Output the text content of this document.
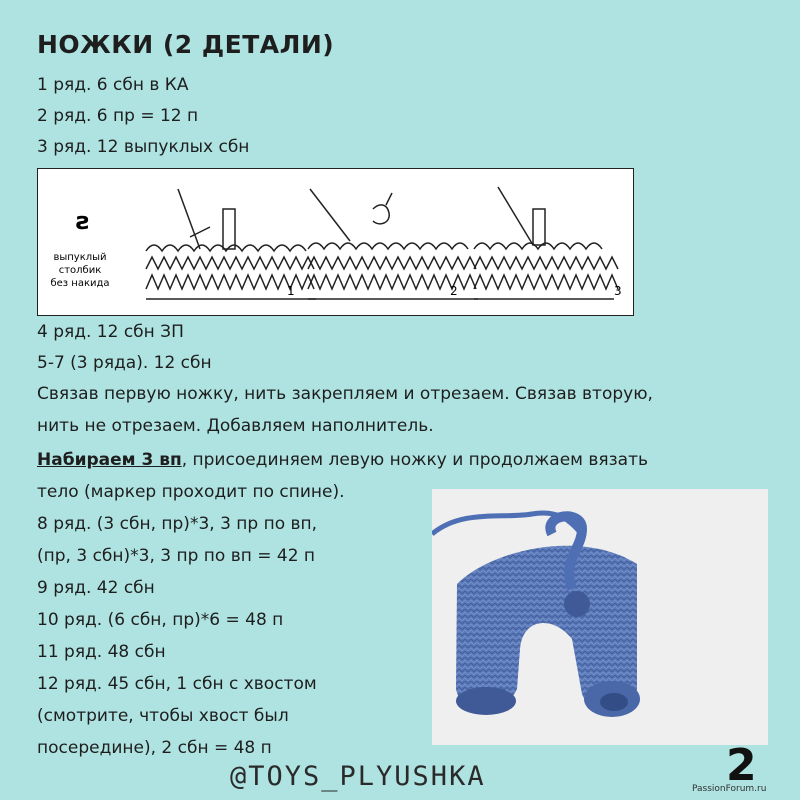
НОЖКИ (2 ДЕТАЛИ)
1 ряд. 6 сбн в КА
2 ряд. 6 пр = 12 п
3 ряд. 12 выпуклых сбн
ƨ
выпуклый
столбик
без накида
1	2	3
4 ряд. 12 сбн ЗП
5-7 (3 ряда). 12 сбн
Связав первую ножку, нить закрепляем и отрезаем. Связав вторую,
нить не отрезаем. Добавляем наполнитель.
Набираем 3 вп, присоединяем левую ножку и продолжаем вязать
тело (маркер проходит по спине).
8 ряд. (3 сбн, пр)*3, 3 пр по вп,
(пр, 3 сбн)*3, 3 пр по вп = 42 п
9 ряд. 42 сбн
10 ряд. (6 сбн, пр)*6 = 48 п
11 ряд. 48 сбн
12 ряд. 45 сбн, 1 сбн с хвостом
(смотрите, чтобы хвост был
посередине), 2 сбн = 48 п
@TOYS_PLYUSHKA	2
PassionForum.ru
